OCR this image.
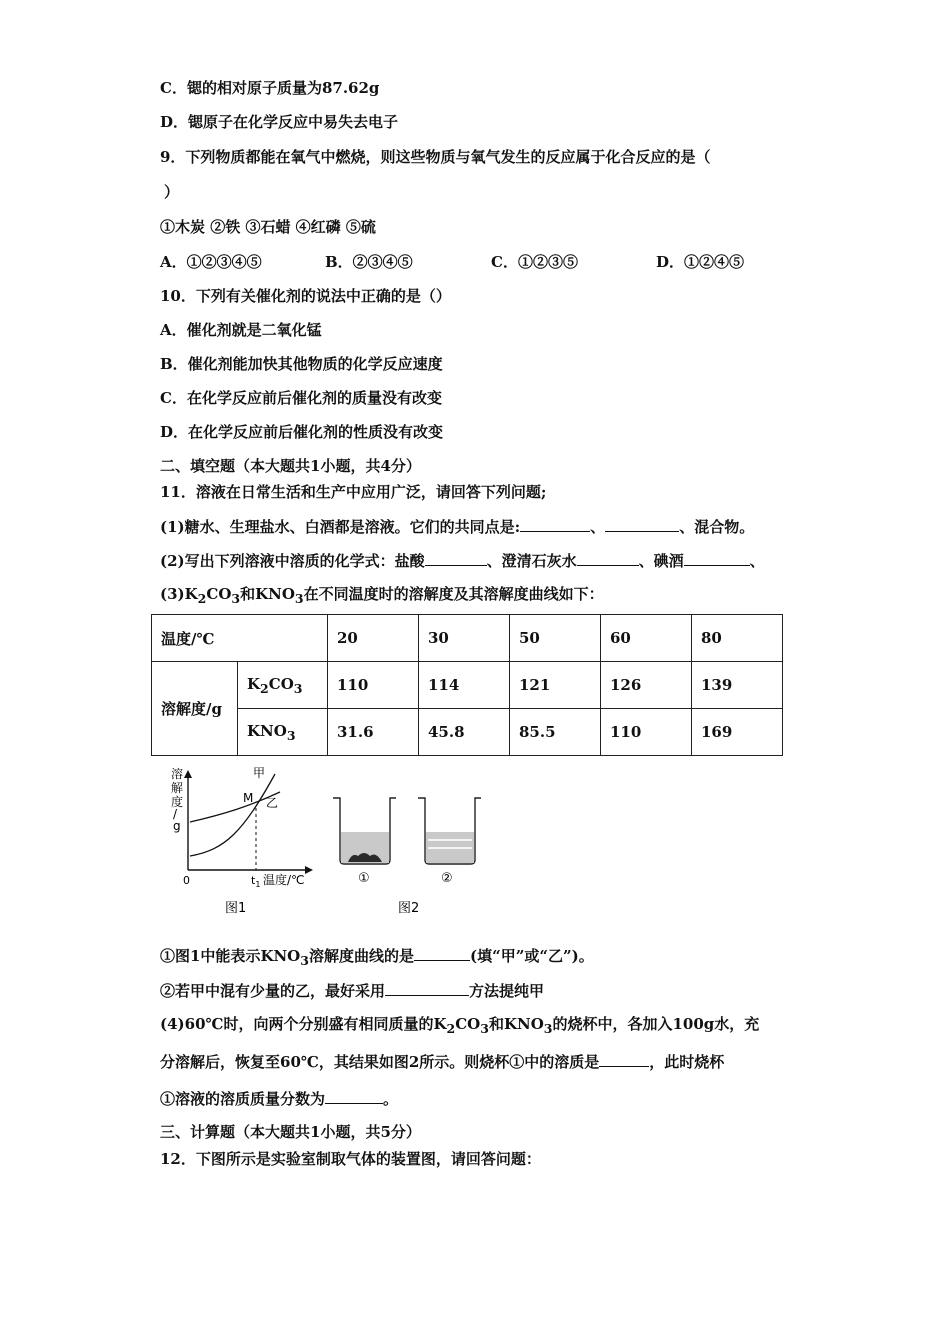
C．锶的相对原子质量为87.62g
D．锶原子在化学反应中易失去电子
9．下列物质都能在氧气中燃烧，则这些物质与氧气发生的反应属于化合反应的是（
）
①木炭 ②铁 ③石蜡 ④红磷 ⑤硫
A．①②③④⑤	B．②③④⑤	C．①②③⑤	D．①②④⑤
10．下列有关催化剂的说法中正确的是（）
A．催化剂就是二氧化锰
B．催化剂能加快其他物质的化学反应速度
C．在化学反应前后催化剂的质量没有改变
D．在化学反应前后催化剂的性质没有改变
二、填空题（本大题共1小题，共4分）
11．溶液在日常生活和生产中应用广泛，请回答下列问题;
(1)糖水、生理盐水、白酒都是溶液。它们的共同点是:	、	、混合物。
(2)写出下列溶液中溶质的化学式：盐酸	、澄清石灰水	、碘酒	、
$(3)K_2CO_3$和$KNO_3$在不同温度时的溶解度及其溶解度曲线如下：
温度/℃		20	30	50	60	80
溶解度/g	$K_2CO_3$	110	114	121	126	139
	$KNO_3$	31.6	45.8	85.5	110	169
溶
解
度
/
g
甲
乙
M
0	$t_1$ 温度/℃
图1
①	②
图2
①图1中能表示$KNO_3$溶解度曲线的是	(填“甲”或“乙”)。
②若甲中混有少量的乙，最好采用	方法提纯甲
(4)60℃时，向两个分别盛有相同质量的$K_2CO_3$和$KNO_3$的烧杯中，各加入100g水，充
分溶解后，恢复至60℃，其结果如图2所示。则烧杯①中的溶质是	，此时烧杯
①溶液的溶质质量分数为	。
三、计算题（本大题共1小题，共5分）
12．下图所示是实验室制取气体的装置图，请回答问题：
